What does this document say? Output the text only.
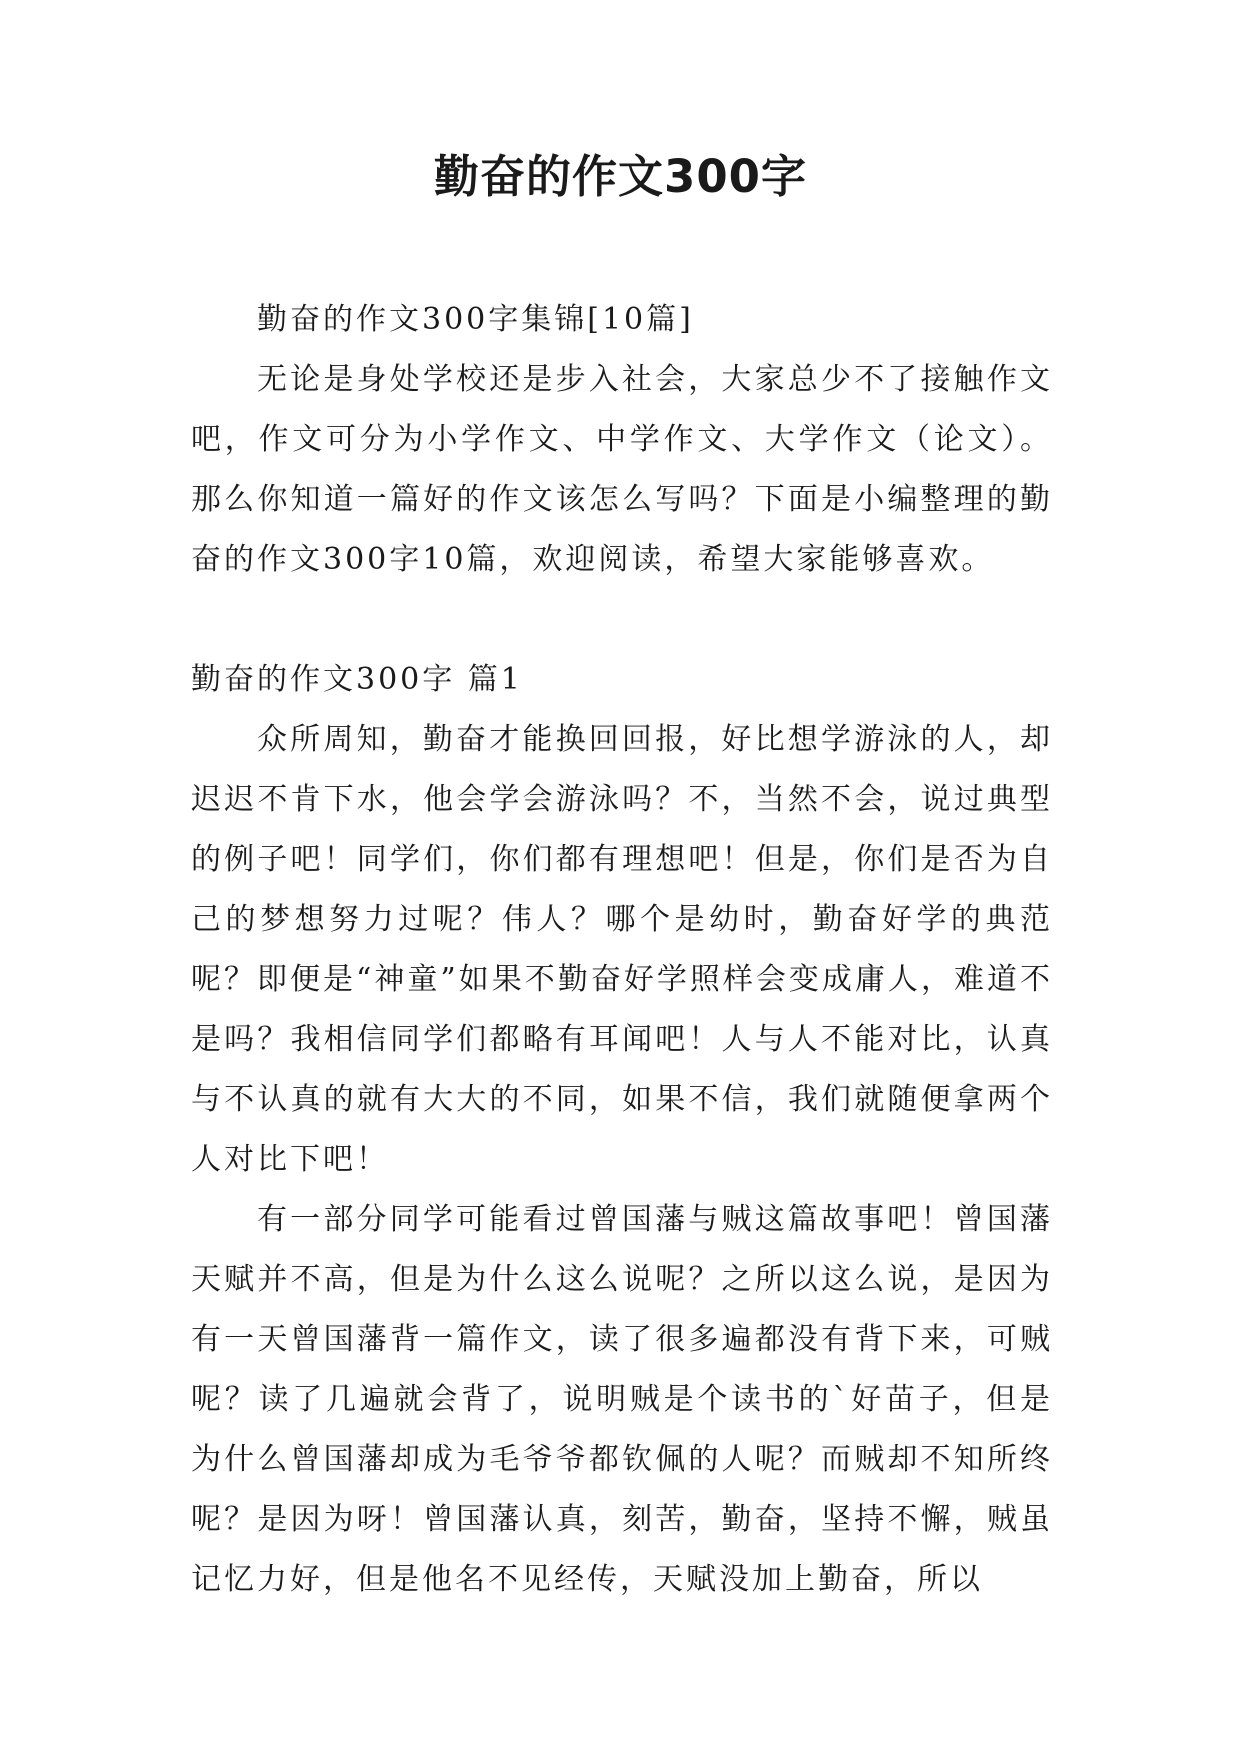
勤奋的作文300字

勤奋的作文300字集锦[10篇]

无论是身处学校还是步入社会，大家总少不了接触作文吧，作文可分为小学作文、中学作文、大学作文（论文）。那么你知道一篇好的作文该怎么写吗？下面是小编整理的勤奋的作文300字10篇，欢迎阅读，希望大家能够喜欢。

勤奋的作文300字 篇1

众所周知，勤奋才能换回回报，好比想学游泳的人，却迟迟不肯下水，他会学会游泳吗？不，当然不会，说过典型的例子吧！同学们，你们都有理想吧！但是，你们是否为自己的梦想努力过呢？伟人？哪个是幼时，勤奋好学的典范呢？即便是“神童”如果不勤奋好学照样会变成庸人，难道不是吗？我相信同学们都略有耳闻吧！人与人不能对比，认真与不认真的就有大大的不同，如果不信，我们就随便拿两个人对比下吧！

有一部分同学可能看过曾国藩与贼这篇故事吧！曾国藩天赋并不高，但是为什么这么说呢？之所以这么说，是因为有一天曾国藩背一篇作文，读了很多遍都没有背下来，可贼呢？读了几遍就会背了，说明贼是个读书的`好苗子，但是为什么曾国藩却成为毛爷爷都钦佩的人呢？而贼却不知所终呢？是因为呀！曾国藩认真，刻苦，勤奋，坚持不懈，贼虽记忆力好，但是他名不见经传，天赋没加上勤奋，所以
